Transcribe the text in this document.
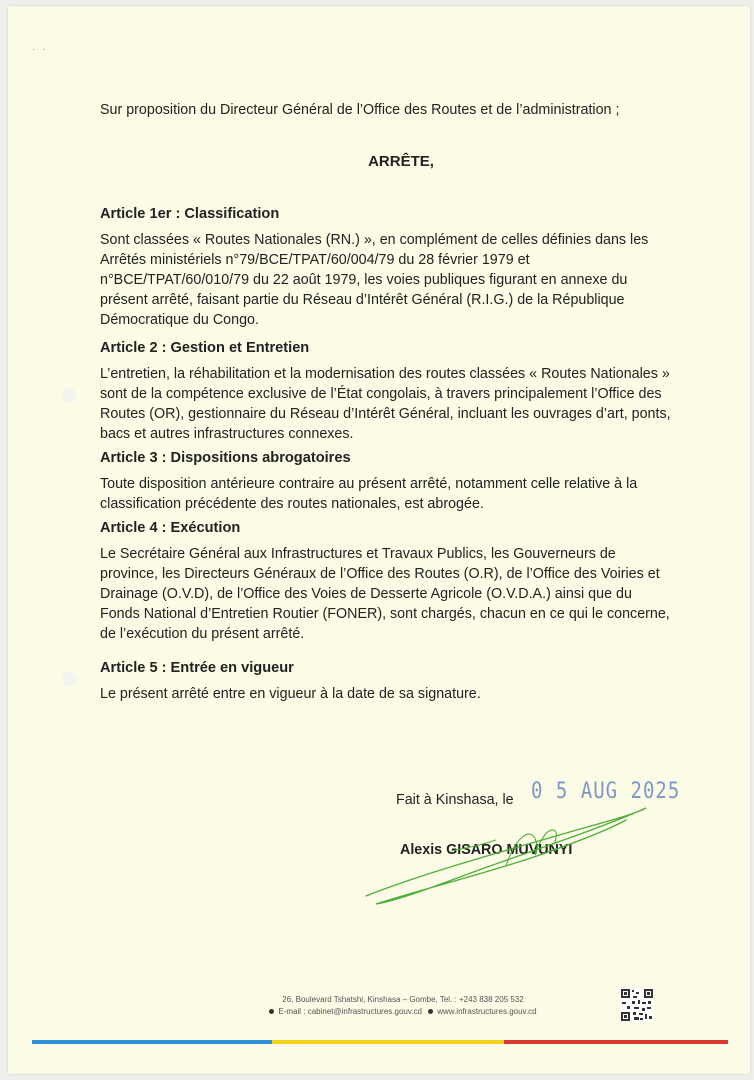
· ·

Sur proposition du Directeur Général de l’Office des Routes et de l’administration ;

ARRÊTE,

Article 1er : Classification

Sont classées « Routes Nationales (RN.) », en complément de celles définies dans les Arrêtés ministériels n°79/BCE/TPAT/60/004/79 du 28 février 1979 et n°BCE/TPAT/60/010/79 du 22 août 1979, les voies publiques figurant en annexe du présent arrêté, faisant partie du Réseau d’Intérêt Général (R.I.G.) de la République Démocratique du Congo.

Article 2 : Gestion et Entretien

L’entretien, la réhabilitation et la modernisation des routes classées « Routes Nationales » sont de la compétence exclusive de l’État congolais, à travers principalement l’Office des Routes (OR), gestionnaire du Réseau d’Intérêt Général, incluant les ouvrages d’art, ponts, bacs et autres infrastructures connexes.

Article 3 : Dispositions abrogatoires

Toute disposition antérieure contraire au présent arrêté, notamment celle relative à la classification précédente des routes nationales, est abrogée.

Article 4 : Exécution

Le Secrétaire Général aux Infrastructures et Travaux Publics, les Gouverneurs de province, les Directeurs Généraux de l’Office des Routes (O.R), de l’Office des Voiries et Drainage (O.V.D), de l’Office des Voies de Desserte Agricole (O.V.D.A.) ainsi que du Fonds National d’Entretien Routier (FONER), sont chargés, chacun en ce qui le concerne, de l’exécution du présent arrêté.

Article 5 : Entrée en vigueur

Le présent arrêté entre en vigueur à la date de sa signature.

Fait à Kinshasa, le 0 5 AUG 2025
Alexis GISARO MUVUNYI
26, Boulevard Tshatshi, Kinshasa – Gombe, Tel. : +243 838 205 532
E-mail : cabinet@infrastructures.gouv.cd www.infrastructures.gouv.cd
